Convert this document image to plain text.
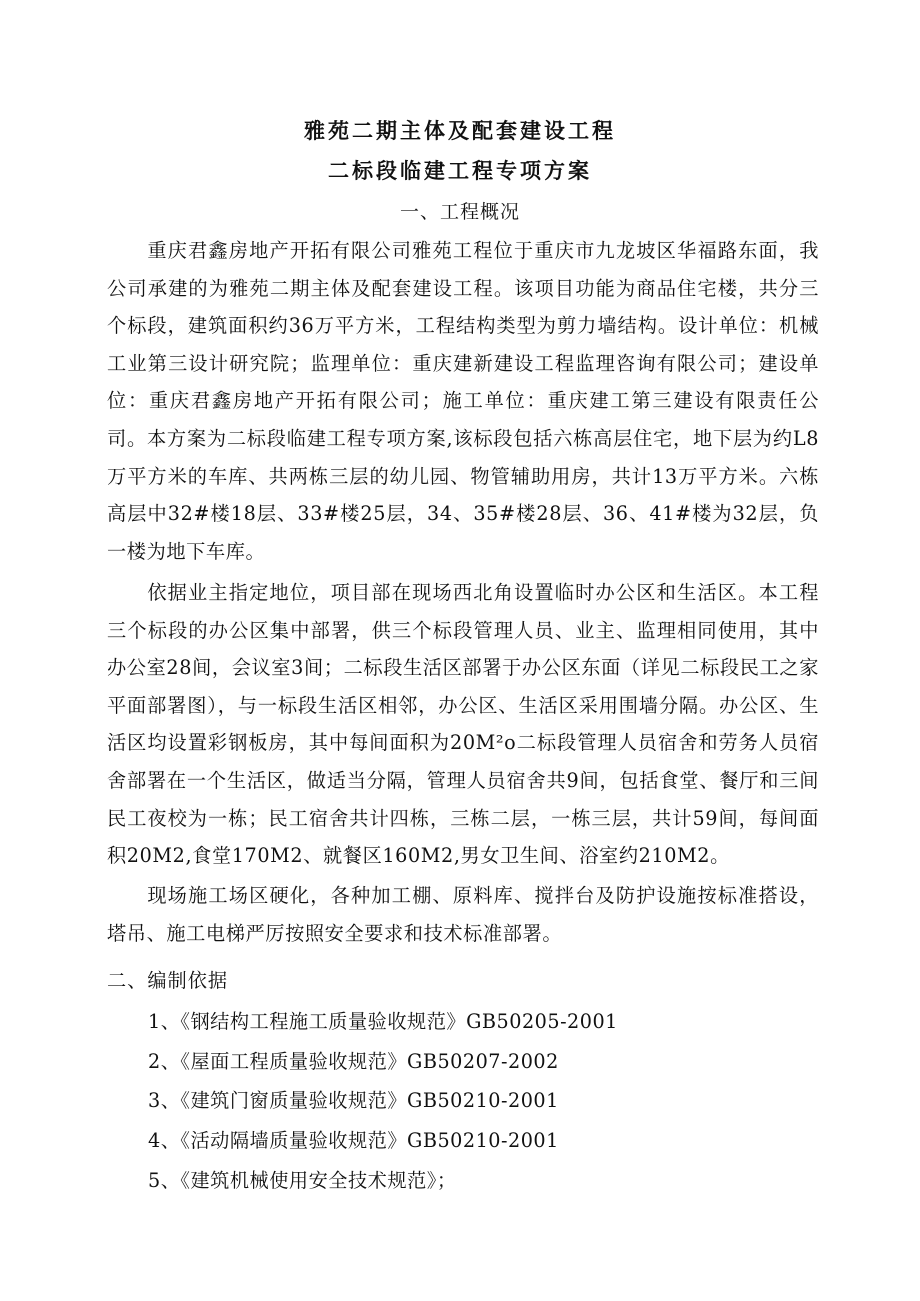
雅苑二期主体及配套建设工程
二标段临建工程专项方案
一、工程概况

重庆君鑫房地产开拓有限公司雅苑工程位于重庆市九龙坡区华福路东面，我公司承建的为雅苑二期主体及配套建设工程。该项目功能为商品住宅楼，共分三个标段，建筑面积约36万平方米，工程结构类型为剪力墙结构。设计单位：机械工业第三设计研究院；监理单位：重庆建新建设工程监理咨询有限公司；建设单位：重庆君鑫房地产开拓有限公司；施工单位：重庆建工第三建设有限责任公司。本方案为二标段临建工程专项方案,该标段包括六栋高层住宅，地下层为约L8万平方米的车库、共两栋三层的幼儿园、物管辅助用房，共计13万平方米。六栋高层中32#楼18层、33#楼25层，34、35#楼28层、36、41#楼为32层，负一楼为地下车库。

依据业主指定地位，项目部在现场西北角设置临时办公区和生活区。本工程三个标段的办公区集中部署，供三个标段管理人员、业主、监理相同使用，其中办公室28间，会议室3间；二标段生活区部署于办公区东面（详见二标段民工之家平面部署图），与一标段生活区相邻，办公区、生活区采用围墙分隔。办公区、生活区均设置彩钢板房，其中每间面积为20M²o二标段管理人员宿舍和劳务人员宿舍部署在一个生活区，做适当分隔，管理人员宿舍共9间，包括食堂、餐厅和三间民工夜校为一栋；民工宿舍共计四栋，三栋二层，一栋三层，共计59间，每间面积20M2,食堂170M2、就餐区160M2,男女卫生间、浴室约210M2。

现场施工场区硬化，各种加工棚、原料库、搅拌台及防护设施按标准搭设，塔吊、施工电梯严厉按照安全要求和技术标准部署。

二、编制依据
1、《钢结构工程施工质量验收规范》GB50205-2001
2、《屋面工程质量验收规范》GB50207-2002
3、《建筑门窗质量验收规范》GB50210-2001
4、《活动隔墙质量验收规范》GB50210-2001
5、《建筑机械使用安全技术规范》；
